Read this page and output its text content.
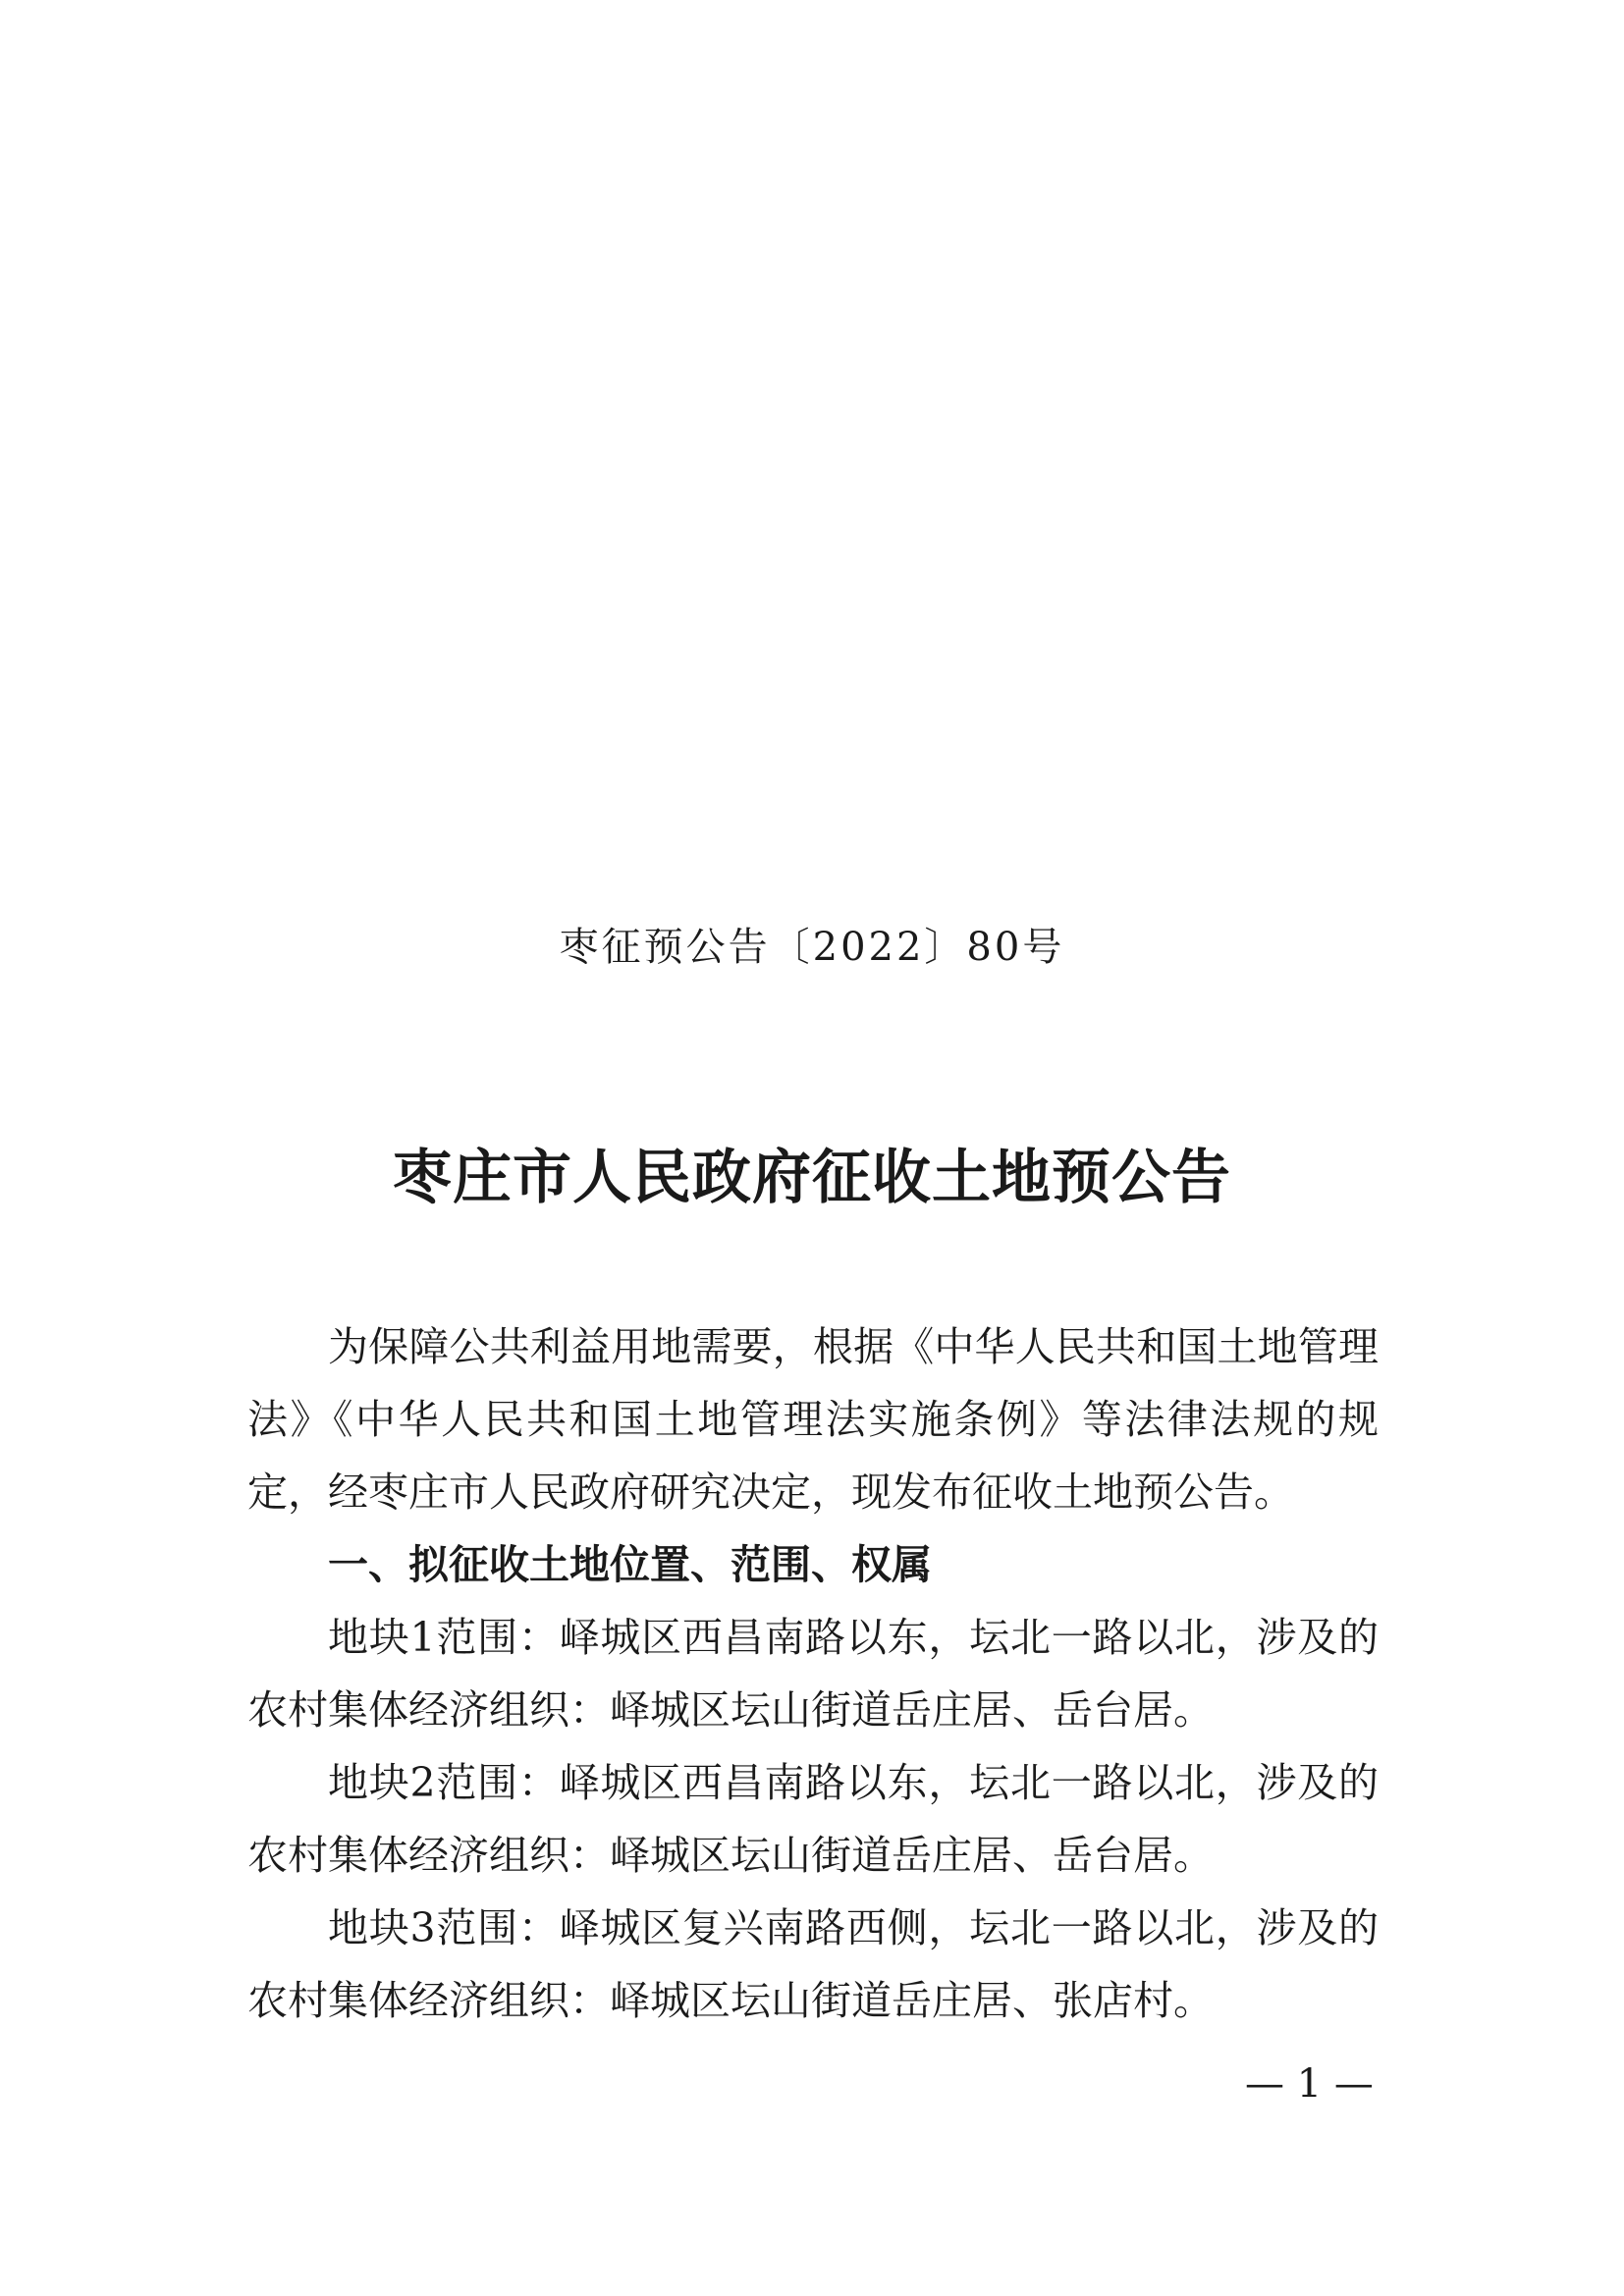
枣征预公告〔2022〕80号
枣庄市人民政府征收土地预公告

为保障公共利益用地需要，根据《中华人民共和国土地管理法》《中华人民共和国土地管理法实施条例》等法律法规的规定，经枣庄市人民政府研究决定，现发布征收土地预公告。

一、拟征收土地位置、范围、权属

地块1范围：峄城区西昌南路以东，坛北一路以北，涉及的农村集体经济组织：峄城区坛山街道岳庄居、岳台居。

地块2范围：峄城区西昌南路以东，坛北一路以北，涉及的农村集体经济组织：峄城区坛山街道岳庄居、岳台居。

地块3范围：峄城区复兴南路西侧，坛北一路以北，涉及的农村集体经济组织：峄城区坛山街道岳庄居、张店村。

— 1 —
